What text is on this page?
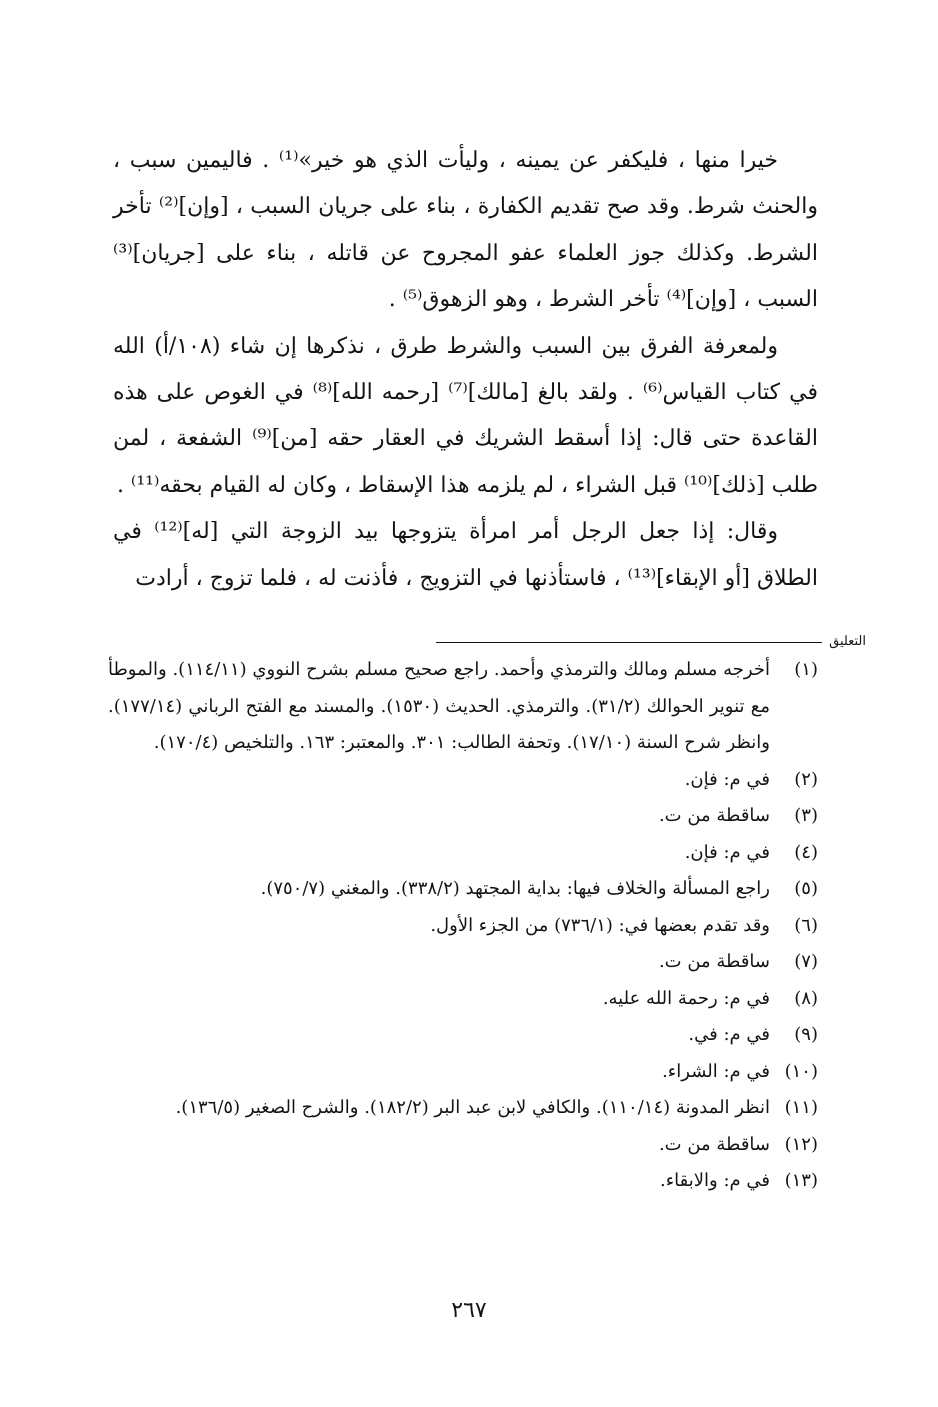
خيرا منها ، فليكفر عن يمينه ، وليأت الذي هو خير»⁽¹⁾ . فاليمين سبب ، والحنث شرط. وقد صح تقديم الكفارة ، بناء على جريان السبب ، [وإن]⁽²⁾ تأخر الشرط. وكذلك جوز العلماء عفو المجروح عن قاتله ، بناء على [جريان]⁽³⁾ السبب ، [وإن]⁽⁴⁾ تأخر الشرط ، وهو الزهوق⁽⁵⁾ .

ولمعرفة الفرق بين السبب والشرط طرق ، نذكرها إن شاء (١٠٨/أ) الله في كتاب القياس⁽⁶⁾ . ولقد بالغ [مالك]⁽⁷⁾ [رحمه الله]⁽⁸⁾ في الغوص على هذه القاعدة حتى قال: إذا أسقط الشريك في العقار حقه [من]⁽⁹⁾ الشفعة ، لمن طلب [ذلك]⁽¹⁰⁾ قبل الشراء ، لم يلزمه هذا الإسقاط ، وكان له القيام بحقه⁽¹¹⁾ .

وقال: إذا جعل الرجل أمر امرأة يتزوجها بيد الزوجة التي [له]⁽¹²⁾ في الطلاق [أو الإبقاء]⁽¹³⁾ ، فاستأذنها في التزويج ، فأذنت له ، فلما تزوج ، أرادت

التعليق
(١)
أخرجه مسلم ومالك والترمذي وأحمد. راجع صحيح مسلم بشرح النووي (١١٤/١١). والموطأ مع تنوير الحوالك (٣١/٢). والترمذي. الحديث (١٥٣٠). والمسند مع الفتح الرباني (١٧٧/١٤). وانظر شرح السنة (١٧/١٠). وتحفة الطالب: ٣٠١. والمعتبر: ١٦٣. والتلخيص (١٧٠/٤).
(٢)
في م: فإن.
(٣)
ساقطة من ت.
(٤)
في م: فإن.
(٥)
راجع المسألة والخلاف فيها: بداية المجتهد (٣٣٨/٢). والمغني (٧٥٠/٧).
(٦)
وقد تقدم بعضها في: (٧٣٦/١) من الجزء الأول.
(٧)
ساقطة من ت.
(٨)
في م: رحمة الله عليه.
(٩)
في م: في.
(١٠)
في م: الشراء.
(١١)
انظر المدونة (١١٠/١٤). والكافي لابن عبد البر (١٨٢/٢). والشرح الصغير (١٣٦/٥).
(١٢)
ساقطة من ت.
(١٣)
في م: والابقاء.
٢٦٧
